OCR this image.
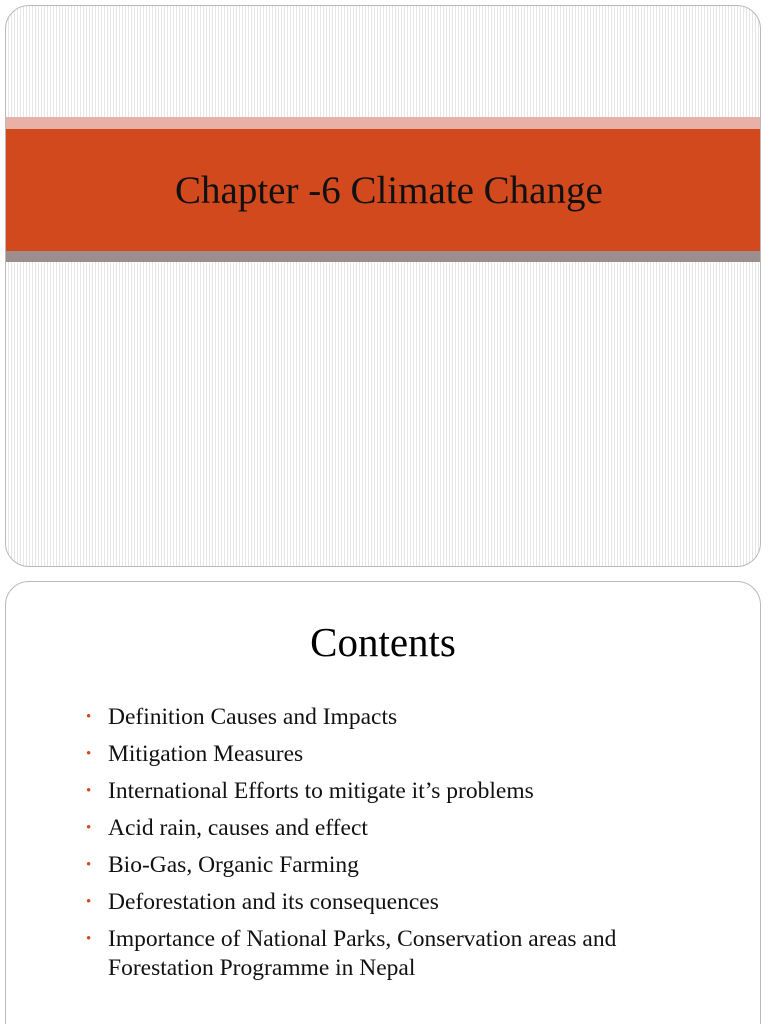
Chapter -6 Climate Change
Contents
• Definition Causes and Impacts
• Mitigation Measures
• International Efforts to mitigate it’s problems
• Acid rain, causes and effect
• Bio-Gas, Organic Farming
• Deforestation and its consequences
• Importance of National Parks, Conservation areas and Forestation Programme in Nepal
